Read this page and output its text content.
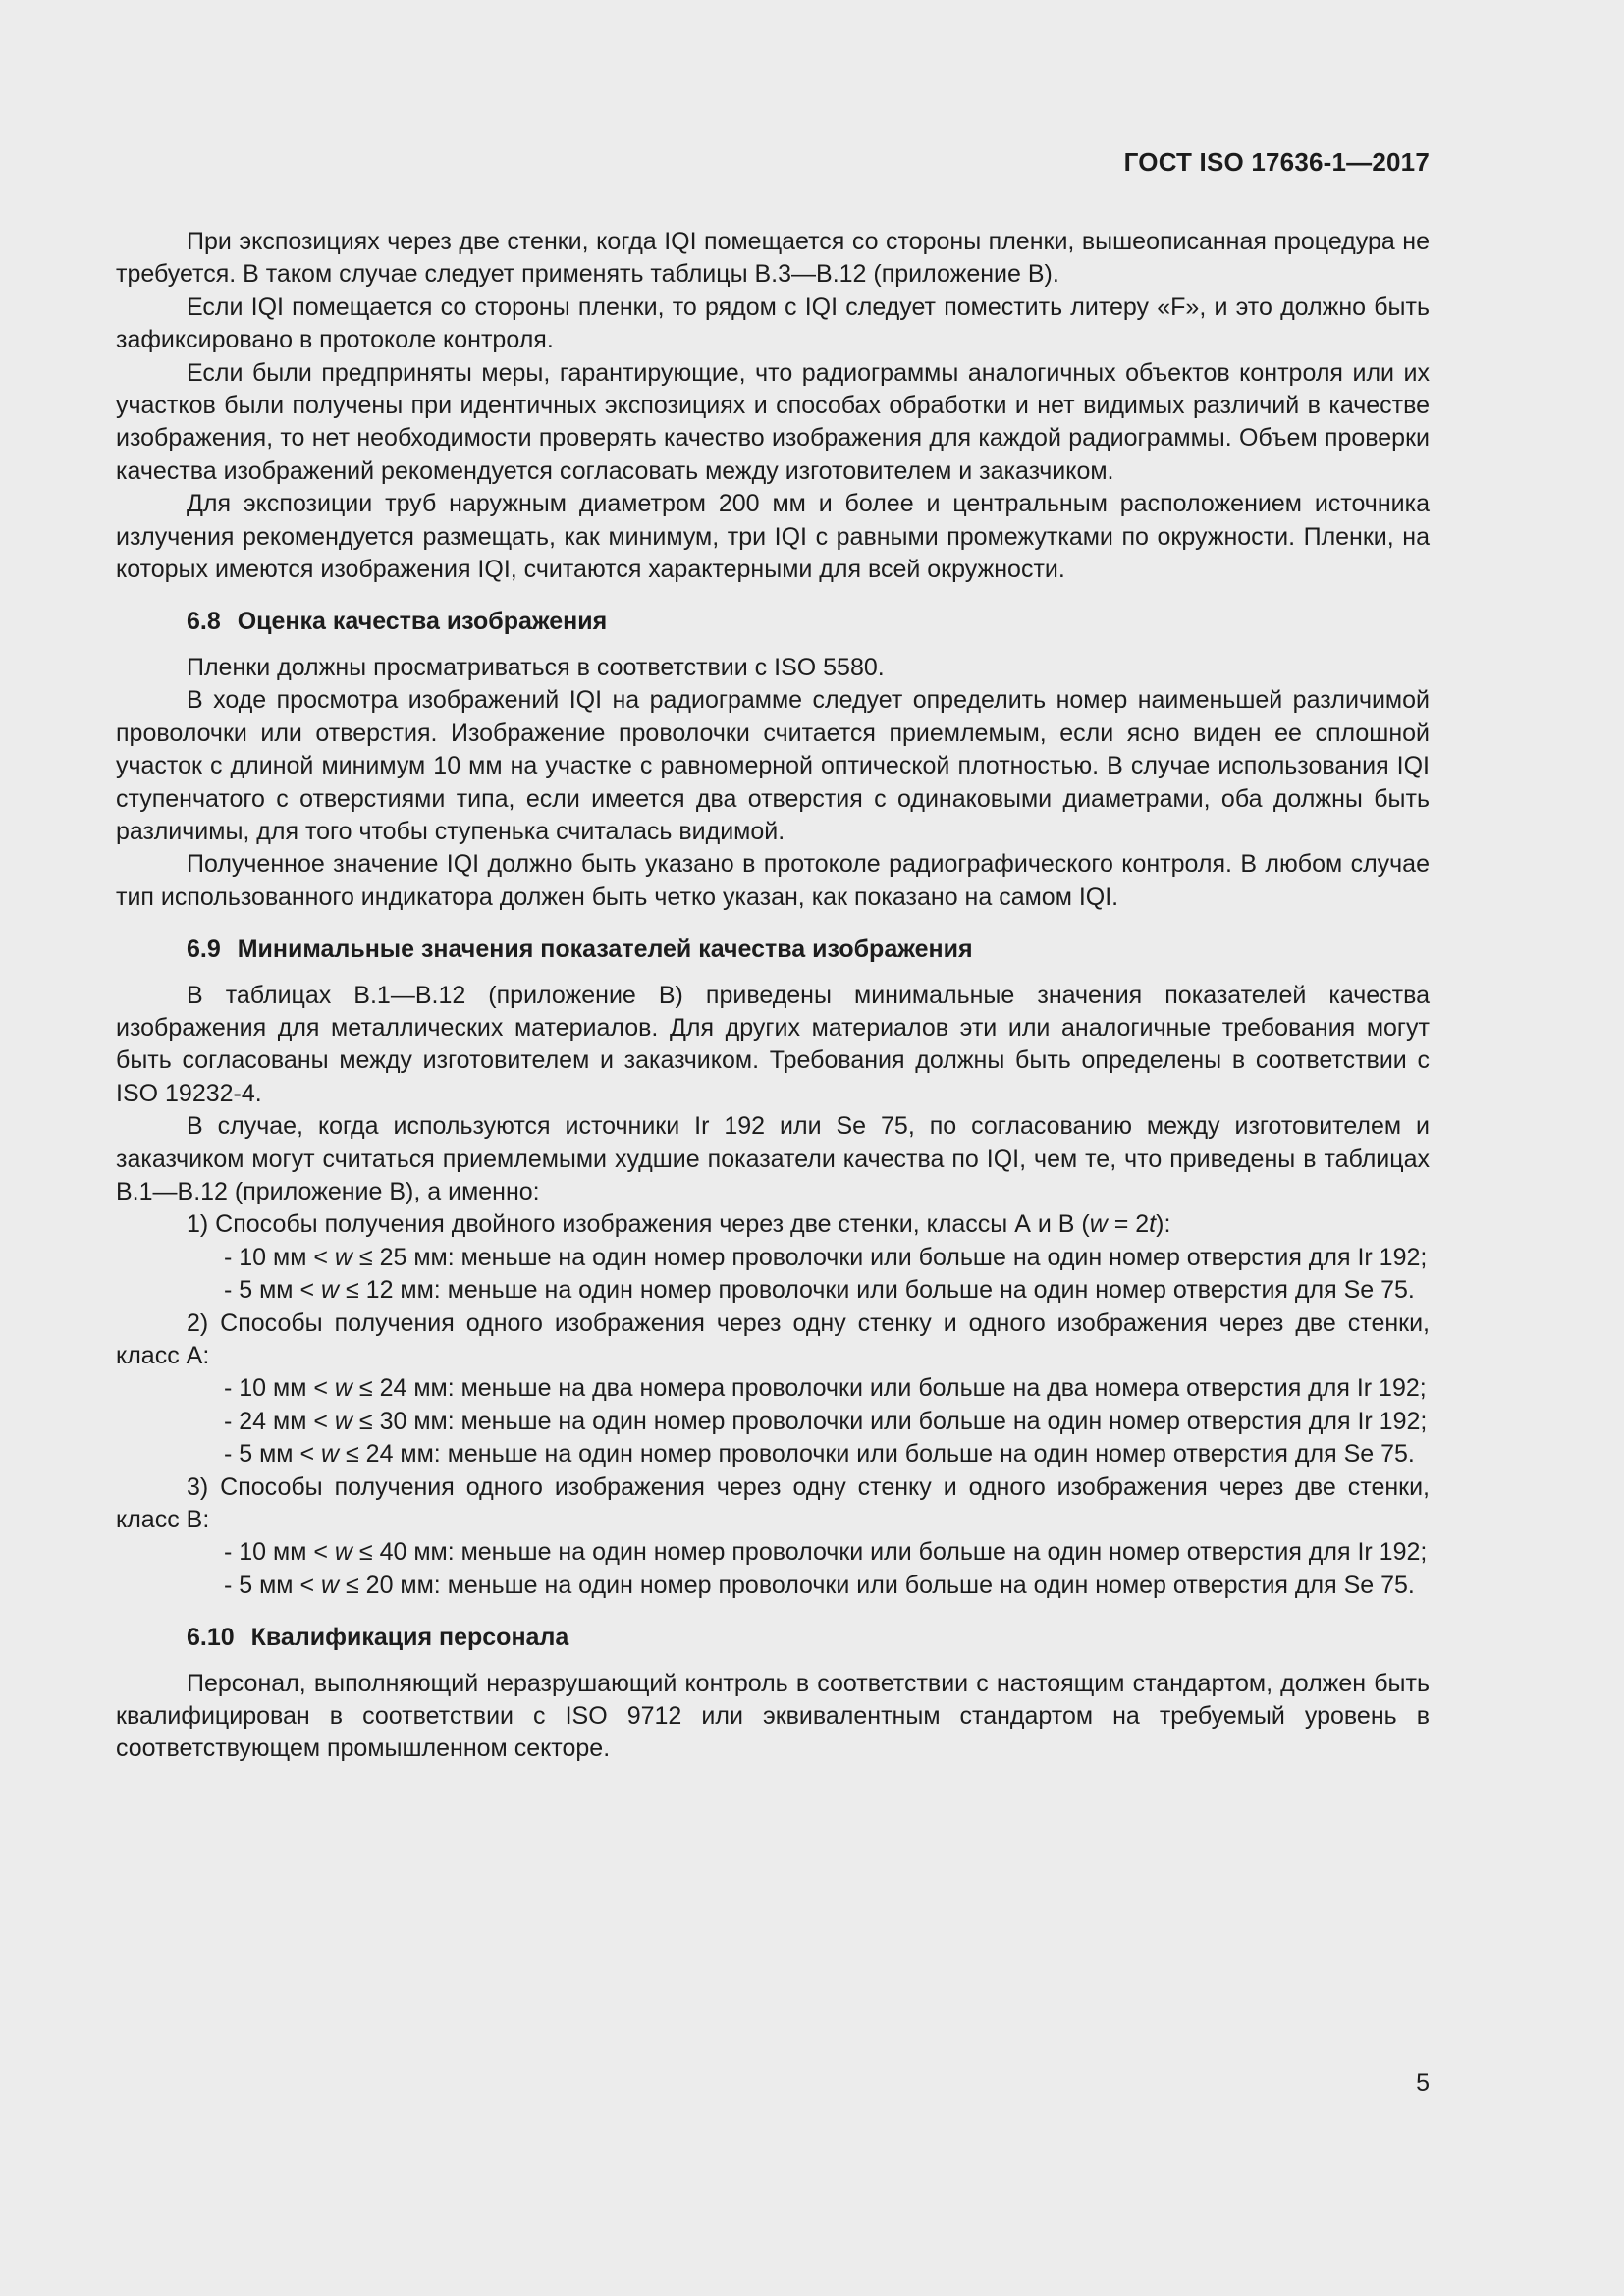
ГОСТ ISO 17636-1—2017

При экспозициях через две стенки, когда IQI помещается со стороны пленки, вышеописанная процедура не требуется. В таком случае следует применять таблицы В.3—В.12 (приложение В).

Если IQI помещается со стороны пленки, то рядом с IQI следует поместить литеру «F», и это должно быть зафиксировано в протоколе контроля.

Если были предприняты меры, гарантирующие, что радиограммы аналогичных объектов контроля или их участков были получены при идентичных экспозициях и способах обработки и нет видимых различий в качестве изображения, то нет необходимости проверять качество изображения для каждой радиограммы. Объем проверки качества изображений рекомендуется согласовать между изготовителем и заказчиком.

Для экспозиции труб наружным диаметром 200 мм и более и центральным расположением источника излучения рекомендуется размещать, как минимум, три IQI с равными промежутками по окружности. Пленки, на которых имеются изображения IQI, считаются характерными для всей окружности.

6.8 Оценка качества изображения

Пленки должны просматриваться в соответствии с ISO 5580.

В ходе просмотра изображений IQI на радиограмме следует определить номер наименьшей различимой проволочки или отверстия. Изображение проволочки считается приемлемым, если ясно виден ее сплошной участок с длиной минимум 10 мм на участке с равномерной оптической плотностью. В случае использования IQI ступенчатого с отверстиями типа, если имеется два отверстия с одинаковыми диаметрами, оба должны быть различимы, для того чтобы ступенька считалась видимой.

Полученное значение IQI должно быть указано в протоколе радиографического контроля. В любом случае тип использованного индикатора должен быть четко указан, как показано на самом IQI.

6.9 Минимальные значения показателей качества изображения

В таблицах В.1—В.12 (приложение В) приведены минимальные значения показателей качества изображения для металлических материалов. Для других материалов эти или аналогичные требования могут быть согласованы между изготовителем и заказчиком. Требования должны быть определены в соответствии с ISO 19232-4.

В случае, когда используются источники Ir 192 или Se 75, по согласованию между изготовителем и заказчиком могут считаться приемлемыми худшие показатели качества по IQI, чем те, что приведены в таблицах В.1—В.12 (приложение В), а именно:

1) Способы получения двойного изображения через две стенки, классы А и В (w = 2t):

- 10 мм < w ≤ 25 мм: меньше на один номер проволочки или больше на один номер отверстия для Ir 192;

- 5 мм < w ≤ 12 мм: меньше на один номер проволочки или больше на один номер отверстия для Se 75.

2) Способы получения одного изображения через одну стенку и одного изображения через две стенки, класс А:

- 10 мм < w ≤ 24 мм: меньше на два номера проволочки или больше на два номера отверстия для Ir 192;

- 24 мм < w ≤ 30 мм: меньше на один номер проволочки или больше на один номер отверстия для Ir 192;

- 5 мм < w ≤ 24 мм: меньше на один номер проволочки или больше на один номер отверстия для Se 75.

3) Способы получения одного изображения через одну стенку и одного изображения через две стенки, класс В:

- 10 мм < w ≤ 40 мм: меньше на один номер проволочки или больше на один номер отверстия для Ir 192;

- 5 мм < w ≤ 20 мм: меньше на один номер проволочки или больше на один номер отверстия для Se 75.

6.10 Квалификация персонала

Персонал, выполняющий неразрушающий контроль в соответствии с настоящим стандартом, должен быть квалифицирован в соответствии с ISO 9712 или эквивалентным стандартом на требуемый уровень в соответствующем промышленном секторе.

5
